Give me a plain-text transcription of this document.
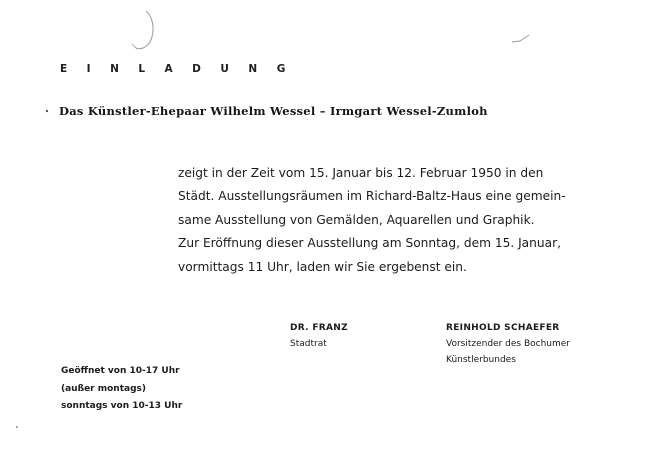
EINLADUNG
Das Künstler-Ehepaar Wilhelm Wessel – Irmgart Wessel-Zumloh
zeigt in der Zeit vom 15. Januar bis 12. Februar 1950 in den
Städt. Ausstellungsräumen im Richard-Baltz-Haus eine gemein-
same Ausstellung von Gemälden, Aquarellen und Graphik.
Zur Eröffnung dieser Ausstellung am Sonntag, dem 15. Januar,
vormittags 11 Uhr, laden wir Sie ergebenst ein.
DR. FRANZ
Stadtrat
REINHOLD SCHAEFER
Vorsitzender des Bochumer
Künstlerbundes
Geöffnet von 10-17 Uhr
(außer montags)
sonntags von 10-13 Uhr
